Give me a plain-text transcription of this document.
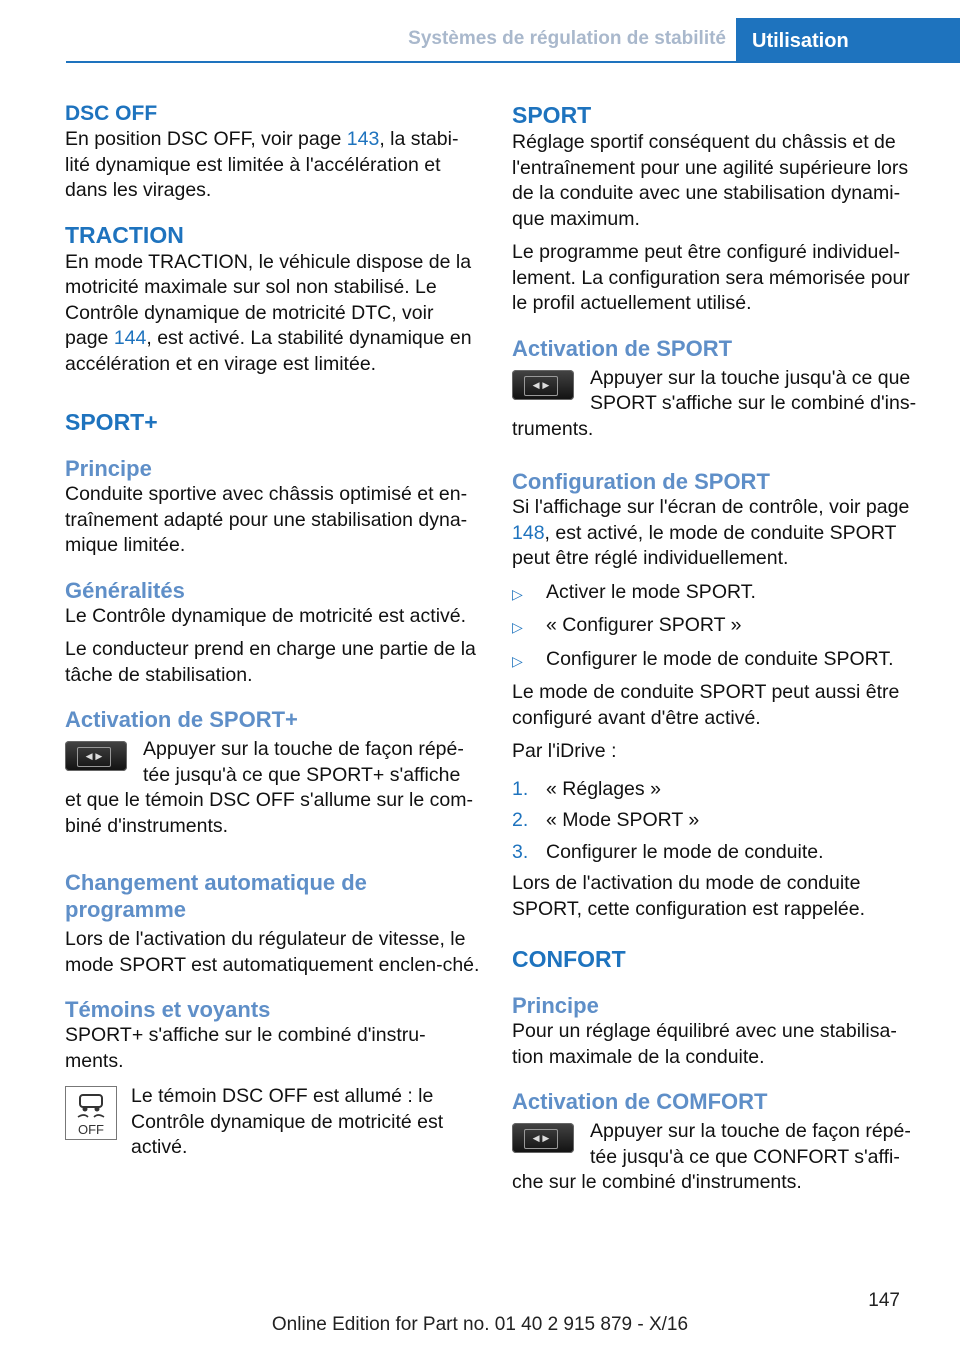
Systèmes de régulation de stabilité	Utilisation

DSC OFF

En position DSC OFF, voir page 143, la stabi-lité dynamique est limitée à l'accélération et dans les virages.

TRACTION

En mode TRACTION, le véhicule dispose de la motricité maximale sur sol non stabilisé. Le Contrôle dynamique de motricité DTC, voir page 144, est activé. La stabilité dynamique en accélération et en virage est limitée.

SPORT+

Principe

Conduite sportive avec châssis optimisé et en-traînement adapté pour une stabilisation dyna-mique limitée.

Généralités

Le Contrôle dynamique de motricité est activé.

Le conducteur prend en charge une partie de la tâche de stabilisation.

Activation de SPORT+

◀ ▶	Appuyer sur la touche de façon répé-tée jusqu'à ce que SPORT+ s'affiche et que le témoin DSC OFF s'allume sur le com-biné d'instruments.

Changement automatique de programme

Lors de l'activation du régulateur de vitesse, le mode SPORT est automatiquement enclen-ché.

Témoins et voyants

SPORT+ s'affiche sur le combiné d'instru-ments.

OFF

Le témoin DSC OFF est allumé : le Contrôle dynamique de motricité est activé.

SPORT

Réglage sportif conséquent du châssis et de l'entraînement pour une agilité supérieure lors de la conduite avec une stabilisation dynami-que maximum.

Le programme peut être configuré individuel-lement. La configuration sera mémorisée pour le profil actuellement utilisé.

Activation de SPORT

◀ ▶	Appuyer sur la touche jusqu'à ce que SPORT s'affiche sur le combiné d'ins-truments.

Configuration de SPORT

Si l'affichage sur l'écran de contrôle, voir page 148, est activé, le mode de conduite SPORT peut être réglé individuellement.

▷	Activer le mode SPORT.
▷	« Configurer SPORT »
▷	Configurer le mode de conduite SPORT.

Le mode de conduite SPORT peut aussi être configuré avant d'être activé.

Par l'iDrive :

1. « Réglages »
2. « Mode SPORT »
3. Configurer le mode de conduite.

Lors de l'activation du mode de conduite SPORT, cette configuration est rappelée.

CONFORT

Principe

Pour un réglage équilibré avec une stabilisa-tion maximale de la conduite.

Activation de COMFORT

◀ ▶	Appuyer sur la touche de façon répé-tée jusqu'à ce que CONFORT s'affi-che sur le combiné d'instruments.

147
Online Edition for Part no. 01 40 2 915 879 - X/16
